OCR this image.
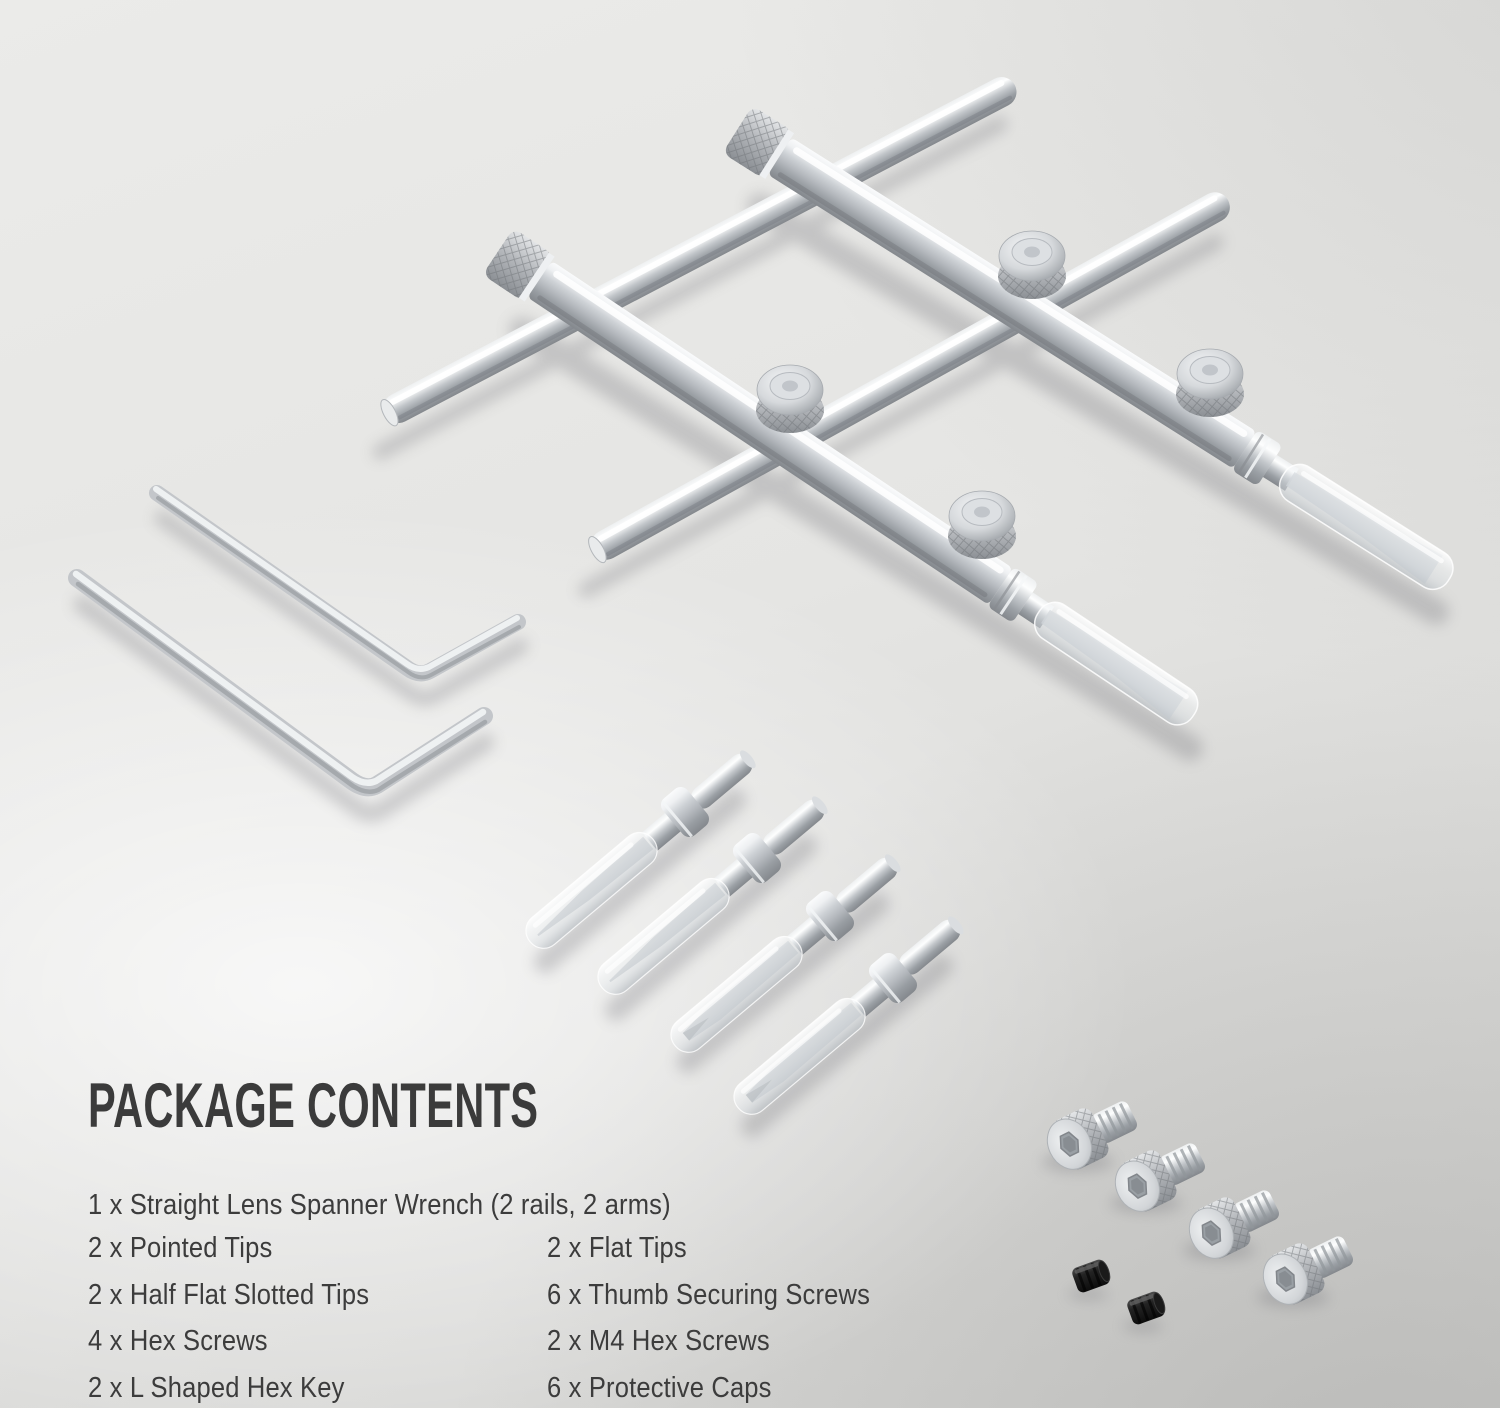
PACKAGE CONTENTS
1 x Straight Lens Spanner Wrench (2 rails, 2 arms)
2 x Pointed Tips
2 x Half Flat Slotted Tips
4 x Hex Screws
2 x L Shaped Hex Key
2 x Flat Tips
6 x Thumb Securing Screws
2 x M4 Hex Screws
6 x Protective Caps
